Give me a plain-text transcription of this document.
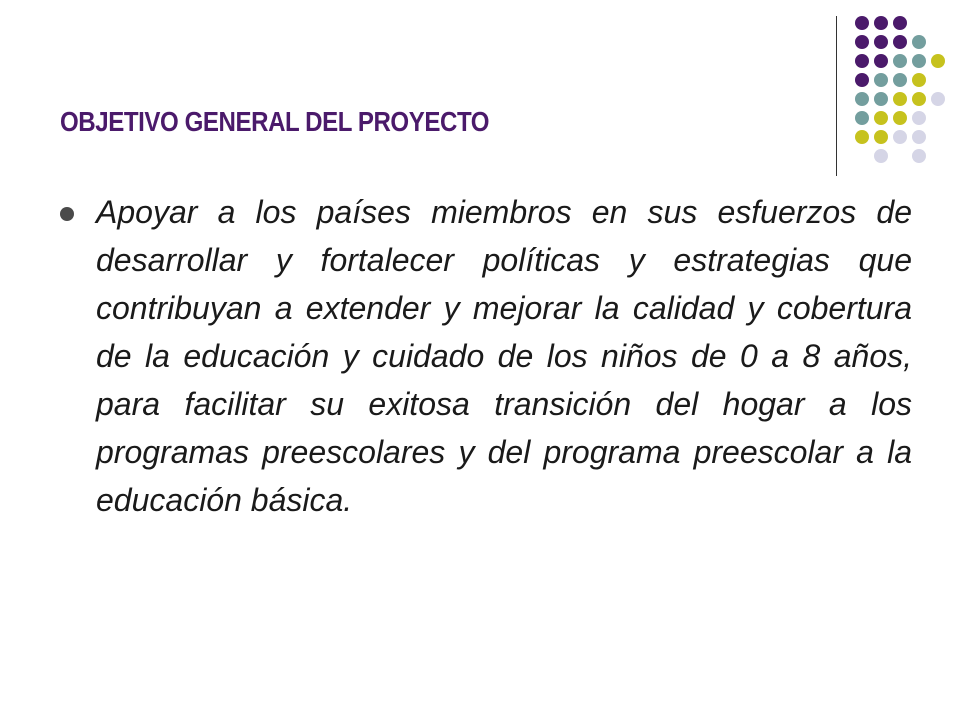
OBJETIVO GENERAL DEL PROYECTO

Apoyar a los países miembros en sus esfuerzos de desarrollar y fortalecer políticas y estrategias que contribuyan a extender y mejorar la calidad y cobertura de la educación y cuidado de los niños de 0 a 8 años, para facilitar su exitosa transición del hogar a los programas preescolares y del programa preescolar a la educación básica.
